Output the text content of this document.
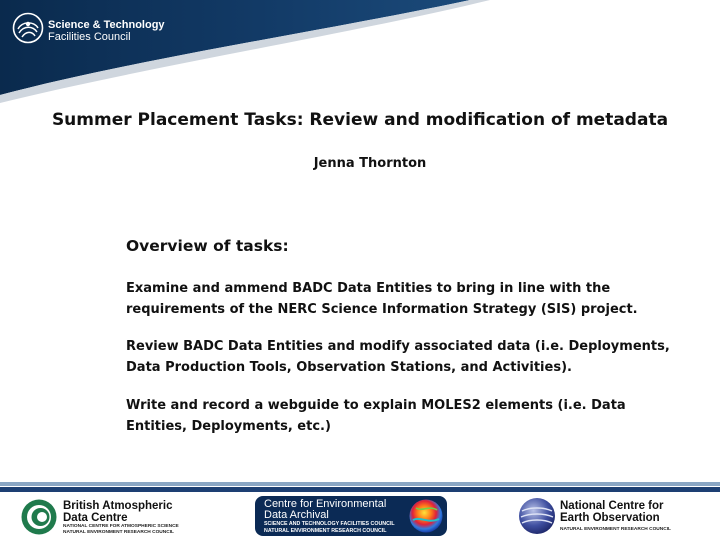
Science & Technology
Facilities Council
Summer Placement Tasks: Review and modification of metadata
Jenna Thornton
Overview of tasks:
Examine and ammend BADC Data Entities to bring in line with the
requirements of the NERC Science Information Strategy (SIS) project.
Review BADC Data Entities and modify associated data (i.e. Deployments,
Data Production Tools, Observation Stations, and Activities).
Write and record a webguide to explain MOLES2 elements (i.e. Data
Entities, Deployments, etc.)
British Atmospheric
Data Centre
NATIONAL CENTRE FOR ATMOSPHERIC SCIENCE
NATURAL ENVIRONMENT RESEARCH COUNCIL
Centre for Environmental
Data Archival
SCIENCE AND TECHNOLOGY FACILITIES COUNCIL
NATURAL ENVIRONMENT RESEARCH COUNCIL
National Centre for
Earth Observation
NATURAL ENVIRONMENT RESEARCH COUNCIL
